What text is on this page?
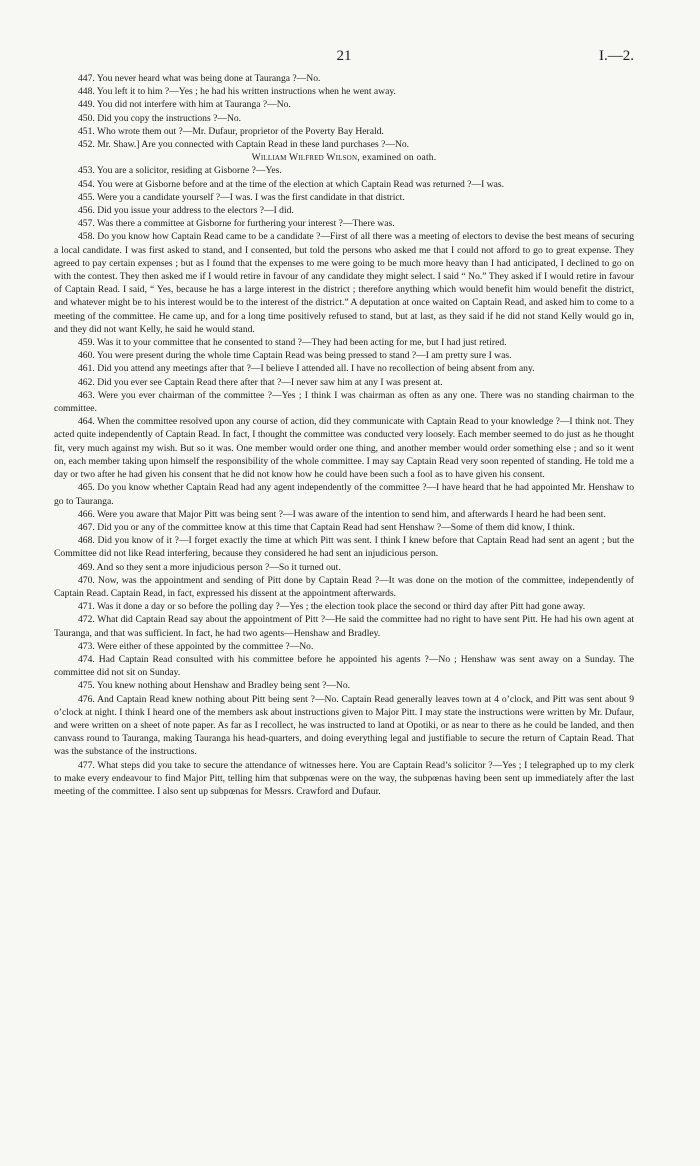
21	I.—2.

447. You never heard what was being done at Tauranga ?—No.

448. You left it to him ?—Yes ; he had his written instructions when he went away.

449. You did not interfere with him at Tauranga ?—No.

450. Did you copy the instructions ?—No.

451. Who wrote them out ?—Mr. Dufaur, proprietor of the Poverty Bay Herald.

452. Mr. Shaw.] Are you connected with Captain Read in these land purchases ?—No.

William Wilfred Wilson, examined on oath.

453. You are a solicitor, residing at Gisborne ?—Yes.

454. You were at Gisborne before and at the time of the election at which Captain Read was returned ?—I was.

455. Were you a candidate yourself ?—I was. I was the first candidate in that district.

456. Did you issue your address to the electors ?—I did.

457. Was there a committee at Gisborne for furthering your interest ?—There was.

458. Do you know how Captain Read came to be a candidate ?—First of all there was a meeting of electors to devise the best means of securing a local candidate. I was first asked to stand, and I consented, but told the persons who asked me that I could not afford to go to great expense. They agreed to pay certain expenses ; but as I found that the expenses to me were going to be much more heavy than I had anticipated, I declined to go on with the contest. They then asked me if I would retire in favour of any candidate they might select. I said “ No.” They asked if I would retire in favour of Captain Read. I said, “ Yes, because he has a large interest in the district ; therefore anything which would benefit him would benefit the district, and whatever might be to his interest would be to the interest of the district.” A deputation at once waited on Captain Read, and asked him to come to a meeting of the committee. He came up, and for a long time positively refused to stand, but at last, as they said if he did not stand Kelly would go in, and they did not want Kelly, he said he would stand.

459. Was it to your committee that he consented to stand ?—They had been acting for me, but I had just retired.

460. You were present during the whole time Captain Read was being pressed to stand ?—I am pretty sure I was.

461. Did you attend any meetings after that ?—I believe I attended all. I have no recollection of being absent from any.

462. Did you ever see Captain Read there after that ?—I never saw him at any I was present at.

463. Were you ever chairman of the committee ?—Yes ; I think I was chairman as often as any one. There was no standing chairman to the committee.

464. When the committee resolved upon any course of action, did they communicate with Captain Read to your knowledge ?—I think not. They acted quite independently of Captain Read. In fact, I thought the committee was conducted very loosely. Each member seemed to do just as he thought fit, very much against my wish. But so it was. One member would order one thing, and another member would order something else ; and so it went on, each member taking upon himself the responsibility of the whole committee. I may say Captain Read very soon repented of standing. He told me a day or two after he had given his consent that he did not know how he could have been such a fool as to have given his consent.

465. Do you know whether Captain Read had any agent independently of the committee ?—I have heard that he had appointed Mr. Henshaw to go to Tauranga.

466. Were you aware that Major Pitt was being sent ?—I was aware of the intention to send him, and afterwards I heard he had been sent.

467. Did you or any of the committee know at this time that Captain Read had sent Henshaw ?—Some of them did know, I think.

468. Did you know of it ?—I forget exactly the time at which Pitt was sent. I think I knew before that Captain Read had sent an agent ; but the Committee did not like Read interfering, because they considered he had sent an injudicious person.

469. And so they sent a more injudicious person ?—So it turned out.

470. Now, was the appointment and sending of Pitt done by Captain Read ?—It was done on the motion of the committee, independently of Captain Read. Captain Read, in fact, expressed his dissent at the appointment afterwards.

471. Was it done a day or so before the polling day ?—Yes ; the election took place the second or third day after Pitt had gone away.

472. What did Captain Read say about the appointment of Pitt ?—He said the committee had no right to have sent Pitt. He had his own agent at Tauranga, and that was sufficient. In fact, he had two agents—Henshaw and Bradley.

473. Were either of these appointed by the committee ?—No.

474. Had Captain Read consulted with his committee before he appointed his agents ?—No ; Henshaw was sent away on a Sunday. The committee did not sit on Sunday.

475. You knew nothing about Henshaw and Bradley being sent ?—No.

476. And Captain Read knew nothing about Pitt being sent ?—No. Captain Read generally leaves town at 4 o’clock, and Pitt was sent about 9 o’clock at night. I think I heard one of the members ask about instructions given to Major Pitt. I may state the instructions were written by Mr. Dufaur, and were written on a sheet of note paper. As far as I recollect, he was instructed to land at Opotiki, or as near to there as he could be landed, and then canvass round to Tauranga, making Tauranga his head-quarters, and doing everything legal and justifiable to secure the return of Captain Read. That was the substance of the instructions.

477. What steps did you take to secure the attendance of witnesses here. You are Captain Read’s solicitor ?—Yes ; I telegraphed up to my clerk to make every endeavour to find Major Pitt, telling him that subpœnas were on the way, the subpœnas having been sent up immediately after the last meeting of the committee. I also sent up subpœnas for Messrs. Crawford and Dufaur.
